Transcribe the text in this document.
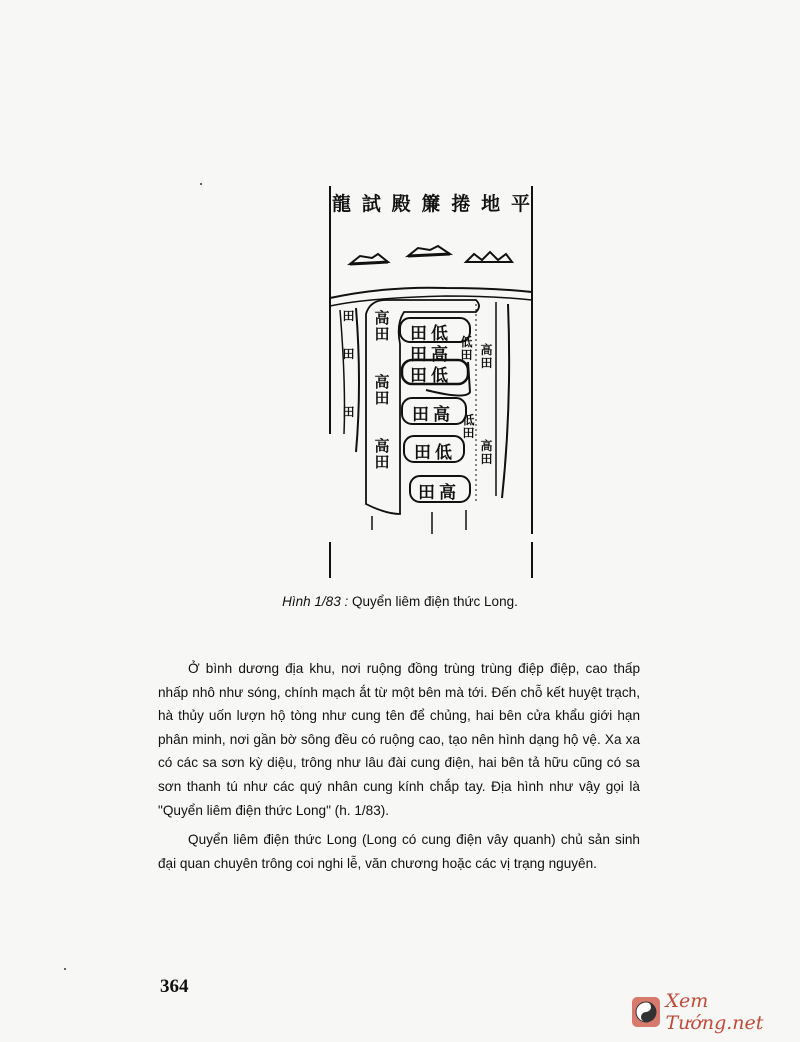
平
地
捲
簾
殿
試
龍
田
田
田
高田
高田
高田
田 低
田 高
田 低
田 高
田 低
田 高
低田
低田
高田
高田
Hình 1/83 : Quyển liêm điện thức Long.

Ở bình dương địa khu, nơi ruộng đồng trùng trùng điệp điệp, cao thấp nhấp nhô như sóng, chính mạch ắt từ một bên mà tới. Đến chỗ kết huyệt trạch, hà thủy uốn lượn hộ tòng như cung tên để chủng, hai bên cửa khẩu giới hạn phân minh, nơi gần bờ sông đều có ruộng cao, tạo nên hình dạng hộ vệ. Xa xa có các sa sơn kỳ diệu, trông như lâu đài cung điện, hai bên tả hữu cũng có sa sơn thanh tú như các quý nhân cung kính chắp tay. Địa hình như vậy gọi là "Quyển liêm điện thức Long" (h. 1/83).

Quyển liêm điện thức Long (Long có cung điện vây quanh) chủ sản sinh đại quan chuyên trông coi nghi lễ, văn chương hoặc các vị trạng nguyên.

364
Xem Tướng.net
